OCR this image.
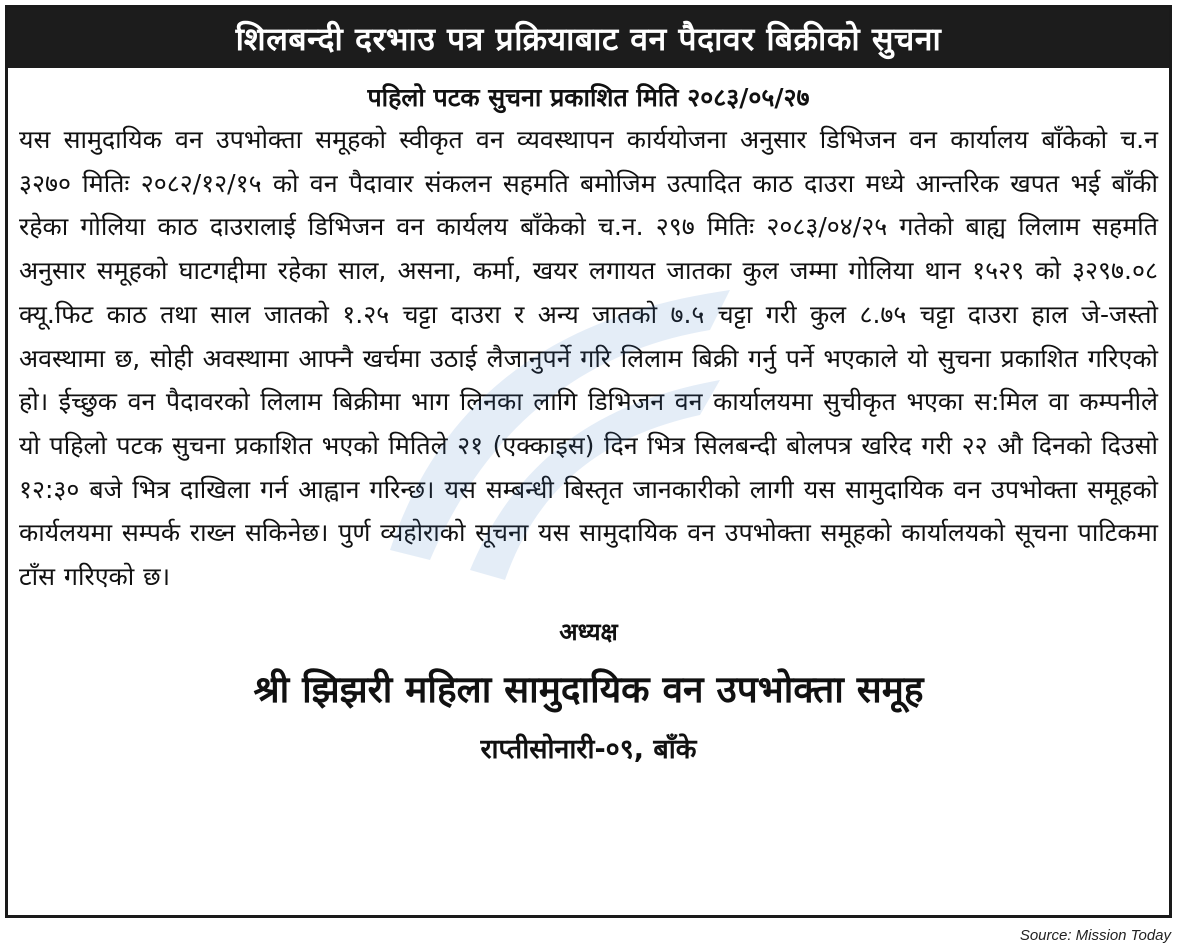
शिलबन्दी दरभाउ पत्र प्रक्रियाबाट वन पैदावर बिक्रीको सुचना
पहिलो पटक सुचना प्रकाशित मिति २०८३/०५/२७
यस सामुदायिक वन उपभोक्ता समूहको स्वीकृत वन व्यवस्थापन कार्ययोजना अनुसार डिभिजन वन कार्यालय बाँकेको च.न ३२७० मितिः २०८२/१२/१५ को वन पैदावार संकलन सहमति बमोजिम उत्पादित काठ दाउरा मध्ये आन्तरिक खपत भई बाँकी रहेका गोलिया काठ दाउरालाई डिभिजन वन कार्यलय बाँकेको च.न. २९७ मितिः २०८३/०४/२५ गतेको बाह्य लिलाम सहमति अनुसार समूहको घाटगद्दीमा रहेका साल, असना, कर्मा, खयर लगायत जातका कुल जम्मा गोलिया थान १५२९ को ३२९७.०८ क्यू.फिट काठ तथा साल जातको १.२५ चट्टा दाउरा र अन्य जातको ७.५ चट्टा गरी कुल ८.७५ चट्टा दाउरा हाल जे-जस्तो अवस्थामा छ, सोही अवस्थामा आफ्नै खर्चमा उठाई लैजानुपर्ने गरि लिलाम बिक्री गर्नु पर्ने भएकाले यो सुचना प्रकाशित गरिएको हो। ईच्छुक वन पैदावरको लिलाम बिक्रीमा भाग लिनका लागि डिभिजन वन कार्यालयमा सुचीकृत भएका स:मिल वा कम्पनीले यो पहिलो पटक सुचना प्रकाशित भएको मितिले २१ (एक्काइस) दिन भित्र सिलबन्दी बोलपत्र खरिद गरी २२ औ दिनको दिउसो १२:३० बजे भित्र दाखिला गर्न आह्वान गरिन्छ। यस सम्बन्धी बिस्तृत जानकारीको लागी यस सामुदायिक वन उपभोक्ता समूहको कार्यलयमा सम्पर्क राख्न सकिनेछ। पुर्ण व्यहोराको सूचना यस सामुदायिक वन उपभोक्ता समूहको कार्यालयको सूचना पाटिकमा टाँस गरिएको छ।
अध्यक्ष
श्री झिझरी महिला सामुदायिक वन उपभोक्ता समूह
राप्तीसोनारी-०९, बाँके
Source: Mission Today
